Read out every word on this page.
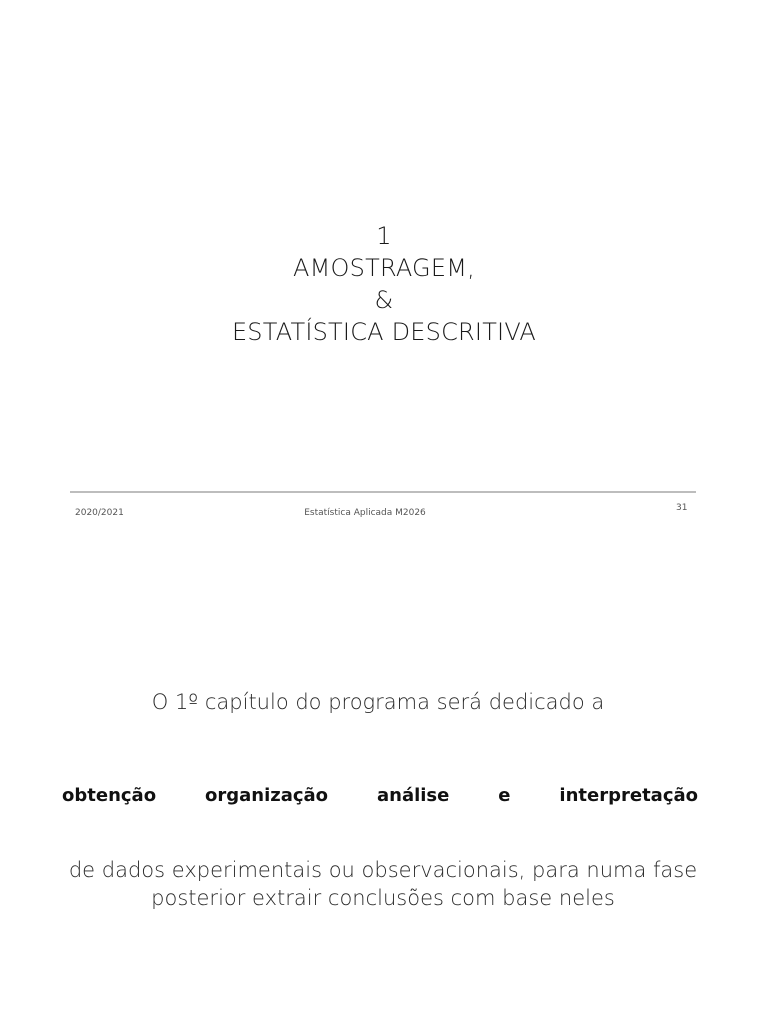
1
AMOSTRAGEM,
&
ESTATÍSTICA DESCRITIVA
2020/2021	Estatística Aplicada M2026	31
O 1º capítulo do programa será dedicado a
obtenção	organização	análise	e	interpretação
de dados experimentais ou observacionais, para numa fase
posterior extrair conclusões com base neles
